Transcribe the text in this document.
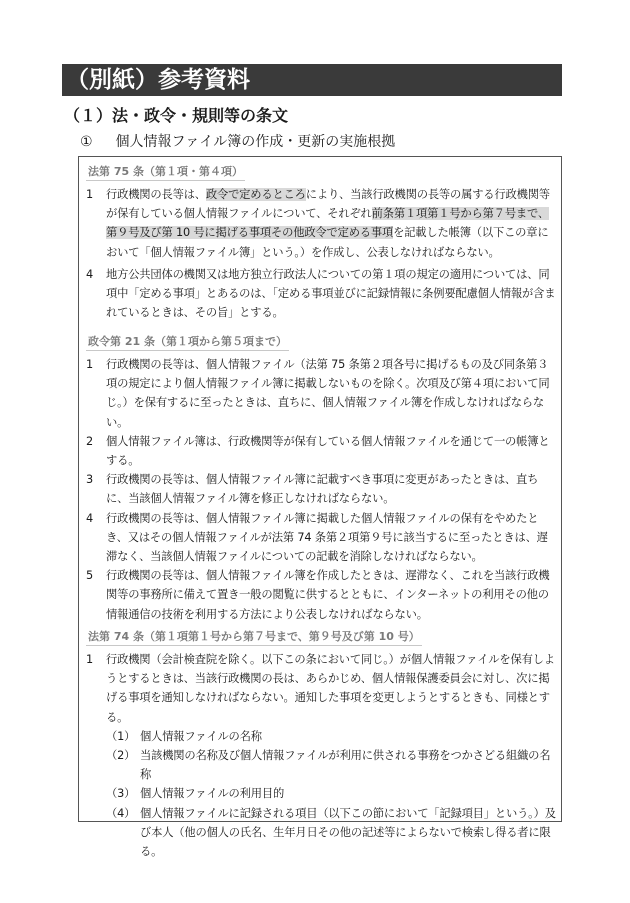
（別紙）参考資料
（１）法・政令・規則等の条文
① 個人情報ファイル簿の作成・更新の実施根拠
法第 75 条（第１項・第４項）

1 行政機関の長等は、政令で定めるところにより、当該行政機関の長等の属する行政機関等が保有している個人情報ファイルについて、それぞれ前条第１項第１号から第７号まで、第９号及び第 10 号に掲げる事項その他政令で定める事項を記載した帳簿（以下この章において「個人情報ファイル簿」という。）を作成し、公表しなければならない。

4 地方公共団体の機関又は地方独立行政法人についての第１項の規定の適用については、同項中「定める事項」とあるのは、「定める事項並びに記録情報に条例要配慮個人情報が含まれているときは、その旨」とする。

政令第 21 条（第１項から第５項まで）

1 行政機関の長等は、個人情報ファイル（法第 75 条第２項各号に掲げるもの及び同条第３項の規定により個人情報ファイル簿に掲載しないものを除く。次項及び第４項において同じ。）を保有するに至ったときは、直ちに、個人情報ファイル簿を作成しなければならない。

2 個人情報ファイル簿は、行政機関等が保有している個人情報ファイルを通じて一の帳簿とする。

3 行政機関の長等は、個人情報ファイル簿に記載すべき事項に変更があったときは、直ちに、当該個人情報ファイル簿を修正しなければならない。

4 行政機関の長等は、個人情報ファイル簿に掲載した個人情報ファイルの保有をやめたとき、又はその個人情報ファイルが法第 74 条第２項第９号に該当するに至ったときは、遅滞なく、当該個人情報ファイルについての記載を消除しなければならない。

5 行政機関の長等は、個人情報ファイル簿を作成したときは、遅滞なく、これを当該行政機関等の事務所に備えて置き一般の閲覧に供するとともに、インターネットの利用その他の情報通信の技術を利用する方法により公表しなければならない。

法第 74 条（第１項第１号から第７号まで、第９号及び第 10 号）

1 行政機関（会計検査院を除く。以下この条において同じ。）が個人情報ファイルを保有しようとするときは、当該行政機関の長は、あらかじめ、個人情報保護委員会に対し、次に掲げる事項を通知しなければならない。通知した事項を変更しようとするときも、同様とする。

（1） 個人情報ファイルの名称

（2） 当該機関の名称及び個人情報ファイルが利用に供される事務をつかさどる組織の名称

（3） 個人情報ファイルの利用目的

（4） 個人情報ファイルに記録される項目（以下この節において「記録項目」という。）及び本人（他の個人の氏名、生年月日その他の記述等によらないで検索し得る者に限る。
